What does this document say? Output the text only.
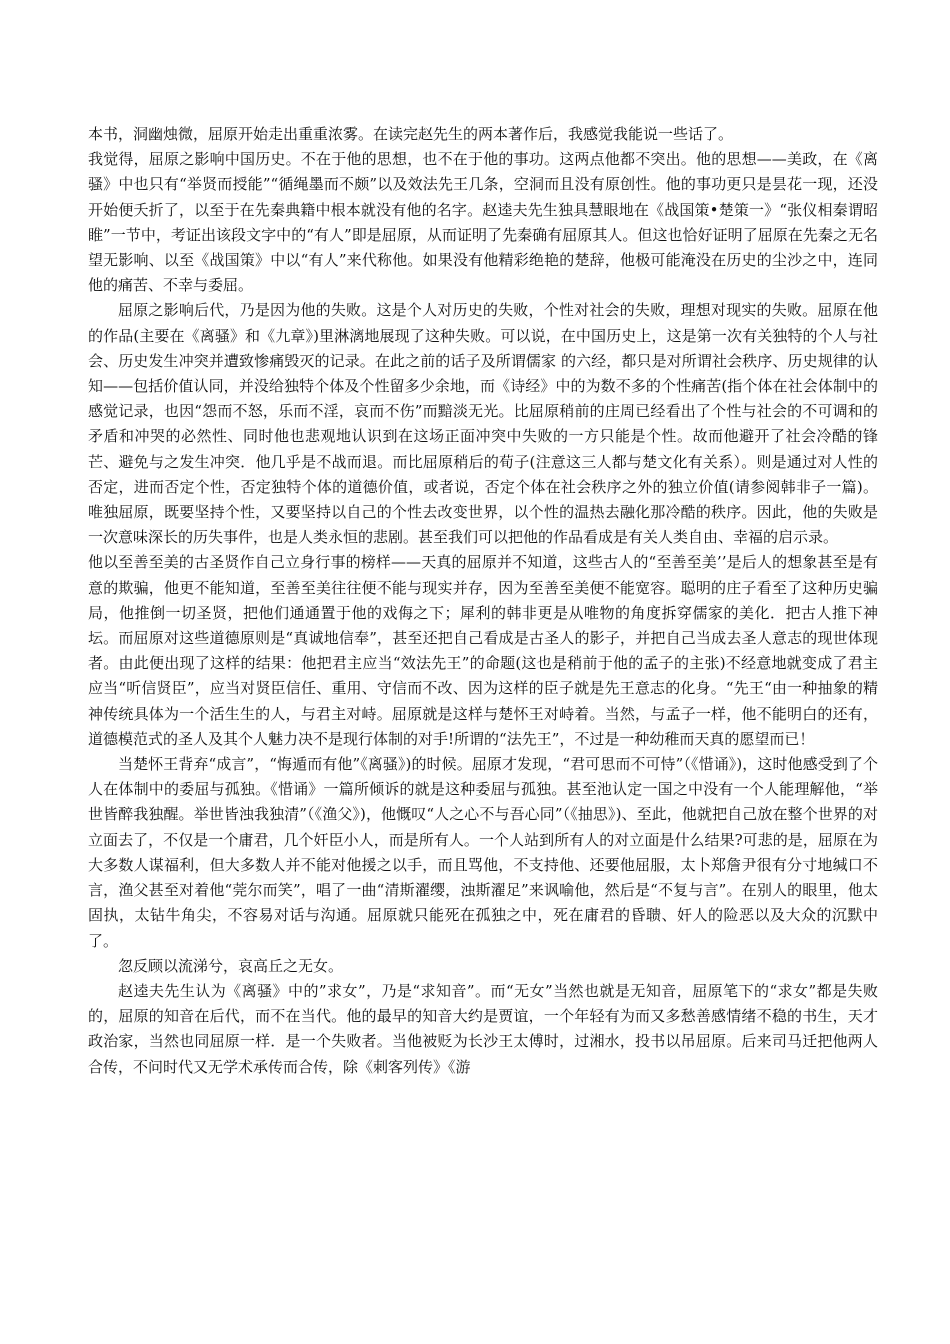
本书，洞幽烛微，屈原开始走出重重浓雾。在读完赵先生的两本著作后，我感觉我能说一些话了。

我觉得，屈原之影响中国历史。不在于他的思想，也不在于他的事功。这两点他都不突出。他的思想——美政，在《离骚》中也只有“举贤而授能”“循绳墨而不颇”以及效法先王几条，空洞而且没有原创性。他的事功更只是昙花一现，还没开始便夭折了，以至于在先秦典籍中根本就没有他的名字。赵逵夫先生独具慧眼地在《战国策•楚策一》“张仪相秦谓昭睢”一节中，考证出该段文字中的“有人”即是屈原，从而证明了先秦确有屈原其人。但这也恰好证明了屈原在先秦之无名望无影响、以至《战国策》中以“有人”来代称他。如果没有他精彩绝艳的楚辞，他极可能淹没在历史的尘沙之中，连同他的痛苦、不幸与委屈。

屈原之影响后代，乃是因为他的失败。这是个人对历史的失败，个性对社会的失败，理想对现实的失败。屈原在他的作品(主要在《离骚》和《九章》)里淋漓地展现了这种失败。可以说，在中国历史上，这是第一次有关独特的个人与社会、历史发生冲突并遭致惨痛毁灭的记录。在此之前的话子及所谓儒家 的六经，都只是对所谓社会秩序、历史规律的认知——包括价值认同，并没给独特个体及个性留多少余地，而《诗经》中的为数不多的个性痛苦(指个体在社会体制中的感觉记录，也因“怨而不怒，乐而不淫，哀而不伤”而黯淡无光。比屈原稍前的庄周已经看出了个性与社会的不可调和的矛盾和冲哭的必然性、同时他也悲观地认识到在这场正面冲突中失败的一方只能是个性。故而他避开了社会冷酷的锋芒、避免与之发生冲突．他几乎是不战而退。而比屈原稍后的荀子(注意这三人都与楚文化有关系）。则是通过对人性的否定，进而否定个性，否定独特个体的道德价值，或者说，否定个体在社会秩序之外的独立价值(请参阅韩非子一篇)。唯独屈原，既要坚持个性，又要坚持以自己的个性去改变世界，以个性的温热去融化那冷酷的秩序。因此，他的失败是一次意味深长的历失事件，也是人类永恒的悲剧。甚至我们可以把他的作品看成是有关人类自由、幸福的启示录。

他以至善至美的古圣贤作自己立身行事的榜样——天真的屈原并不知道，这些古人的“至善至美’’是后人的想象甚至是有意的欺骗，他更不能知道，至善至美往往便不能与现实并存，因为至善至美便不能宽容。聪明的庄子看至了这种历史骗局，他推倒一切圣贤，把他们通通置于他的戏侮之下；犀利的韩非更是从唯物的角度拆穿儒家的美化．把古人推下神坛。而屈原对这些道德原则是“真诚地信奉”，甚至还把自己看成是古圣人的影子，并把自己当成去圣人意志的现世体现者。由此便出现了这样的结果：他把君主应当“效法先王”的命题(这也是稍前于他的孟子的主张)不经意地就变成了君主应当“听信贤臣”，应当对贤臣信任、重用、守信而不改、因为这样的臣子就是先王意志的化身。“先王“由一种抽象的精神传统具体为一个活生生的人，与君主对峙。屈原就是这样与楚怀王对峙着。当然，与孟子一样，他不能明白的还有，道德模范式的圣人及其个人魅力决不是现行体制的对手!所谓的“法先王”，不过是一种幼稚而天真的愿望而已！

当楚怀王背弃“成言”，“悔遁而有他”《离骚》)的时候。屈原才发现，“君可思而不可恃”（《惜诵》)，这时他感受到了个人在体制中的委屈与孤独。《惜诵》一篇所倾诉的就是这种委屈与孤独。甚至池认定一国之中没有一个人能理解他，“举世皆醉我独醒。举世皆浊我独清”（《渔父》)，他慨叹“人之心不与吾心同”（《抽思》)、至此，他就把自己放在整个世界的对立面去了，不仅是一个庸君，几个奸臣小人，而是所有人。一个人站到所有人的对立面是什么结果?可悲的是，屈原在为大多数人谋福利，但大多数人并不能对他援之以手，而且骂他，不支持他、还要他屈服，太卜郑詹尹很有分寸地缄口不言，渔父甚至对着他“莞尔而笑”，唱了一曲“清斯濯缨，浊斯濯足”来讽喻他，然后是“不复与言”。在别人的眼里，他太固执，太钻牛角尖，不容易对话与沟通。屈原就只能死在孤独之中，死在庸君的昏聩、奸人的险恶以及大众的沉默中了。

忽反顾以流涕兮，哀高丘之无女。

赵逵夫先生认为《离骚》中的”求女”，乃是“求知音”。而“无女”当然也就是无知音，屈原笔下的“求女”都是失败的，屈原的知音在后代，而不在当代。他的最早的知音大约是贾谊，一个年轻有为而又多愁善感情绪不稳的书生，天才政治家，当然也同屈原一样．是一个失败者。当他被贬为长沙王太傅时，过湘水，投书以吊屈原。后来司马迁把他两人合传，不问时代又无学术承传而合传，除《刺客列传》《游
